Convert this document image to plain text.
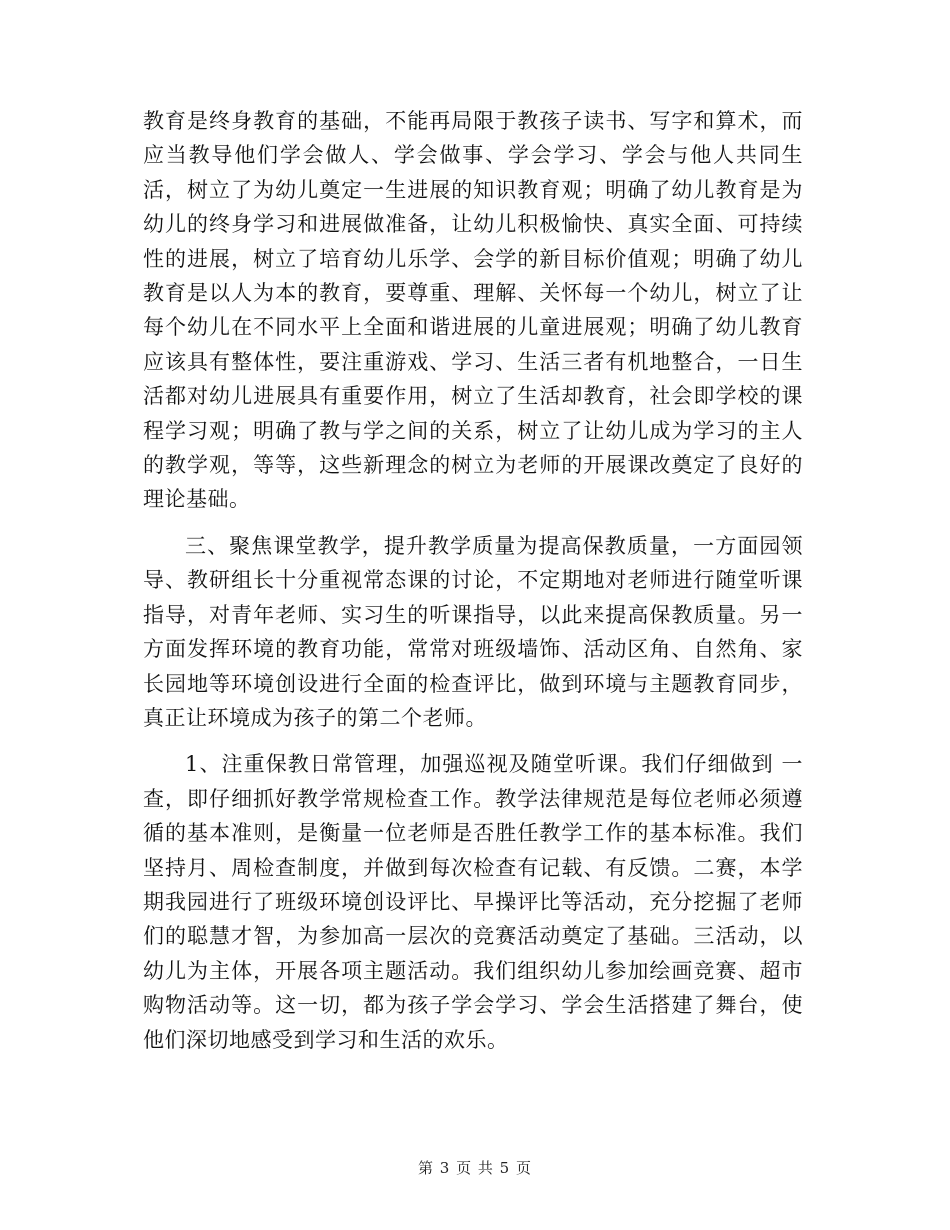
教育是终身教育的基础，不能再局限于教孩子读书、写字和算术，而应当教导他们学会做人、学会做事、学会学习、学会与他人共同生活，树立了为幼儿奠定一生进展的知识教育观；明确了幼儿教育是为幼儿的终身学习和进展做准备，让幼儿积极愉快、真实全面、可持续性的进展，树立了培育幼儿乐学、会学的新目标价值观；明确了幼儿教育是以人为本的教育，要尊重、理解、关怀每一个幼儿，树立了让每个幼儿在不同水平上全面和谐进展的儿童进展观；明确了幼儿教育应该具有整体性，要注重游戏、学习、生活三者有机地整合，一日生活都对幼儿进展具有重要作用，树立了生活却教育，社会即学校的课程学习观；明确了教与学之间的关系，树立了让幼儿成为学习的主人的教学观，等等，这些新理念的树立为老师的开展课改奠定了良好的理论基础。

三、聚焦课堂教学，提升教学质量为提高保教质量，一方面园领导、教研组长十分重视常态课的讨论，不定期地对老师进行随堂听课指导，对青年老师、实习生的听课指导，以此来提高保教质量。另一方面发挥环境的教育功能，常常对班级墙饰、活动区角、自然角、家长园地等环境创设进行全面的检查评比，做到环境与主题教育同步，真正让环境成为孩子的第二个老师。

1、注重保教日常管理，加强巡视及随堂听课。我们仔细做到 一查，即仔细抓好教学常规检查工作。教学法律规范是每位老师必须遵循的基本准则，是衡量一位老师是否胜任教学工作的基本标准。我们坚持月、周检查制度，并做到每次检查有记载、有反馈。二赛，本学期我园进行了班级环境创设评比、早操评比等活动，充分挖掘了老师们的聪慧才智，为参加高一层次的竞赛活动奠定了基础。三活动，以幼儿为主体，开展各项主题活动。我们组织幼儿参加绘画竞赛、超市购物活动等。这一切，都为孩子学会学习、学会生活搭建了舞台，使他们深切地感受到学习和生活的欢乐。

第 3 页 共 5 页
